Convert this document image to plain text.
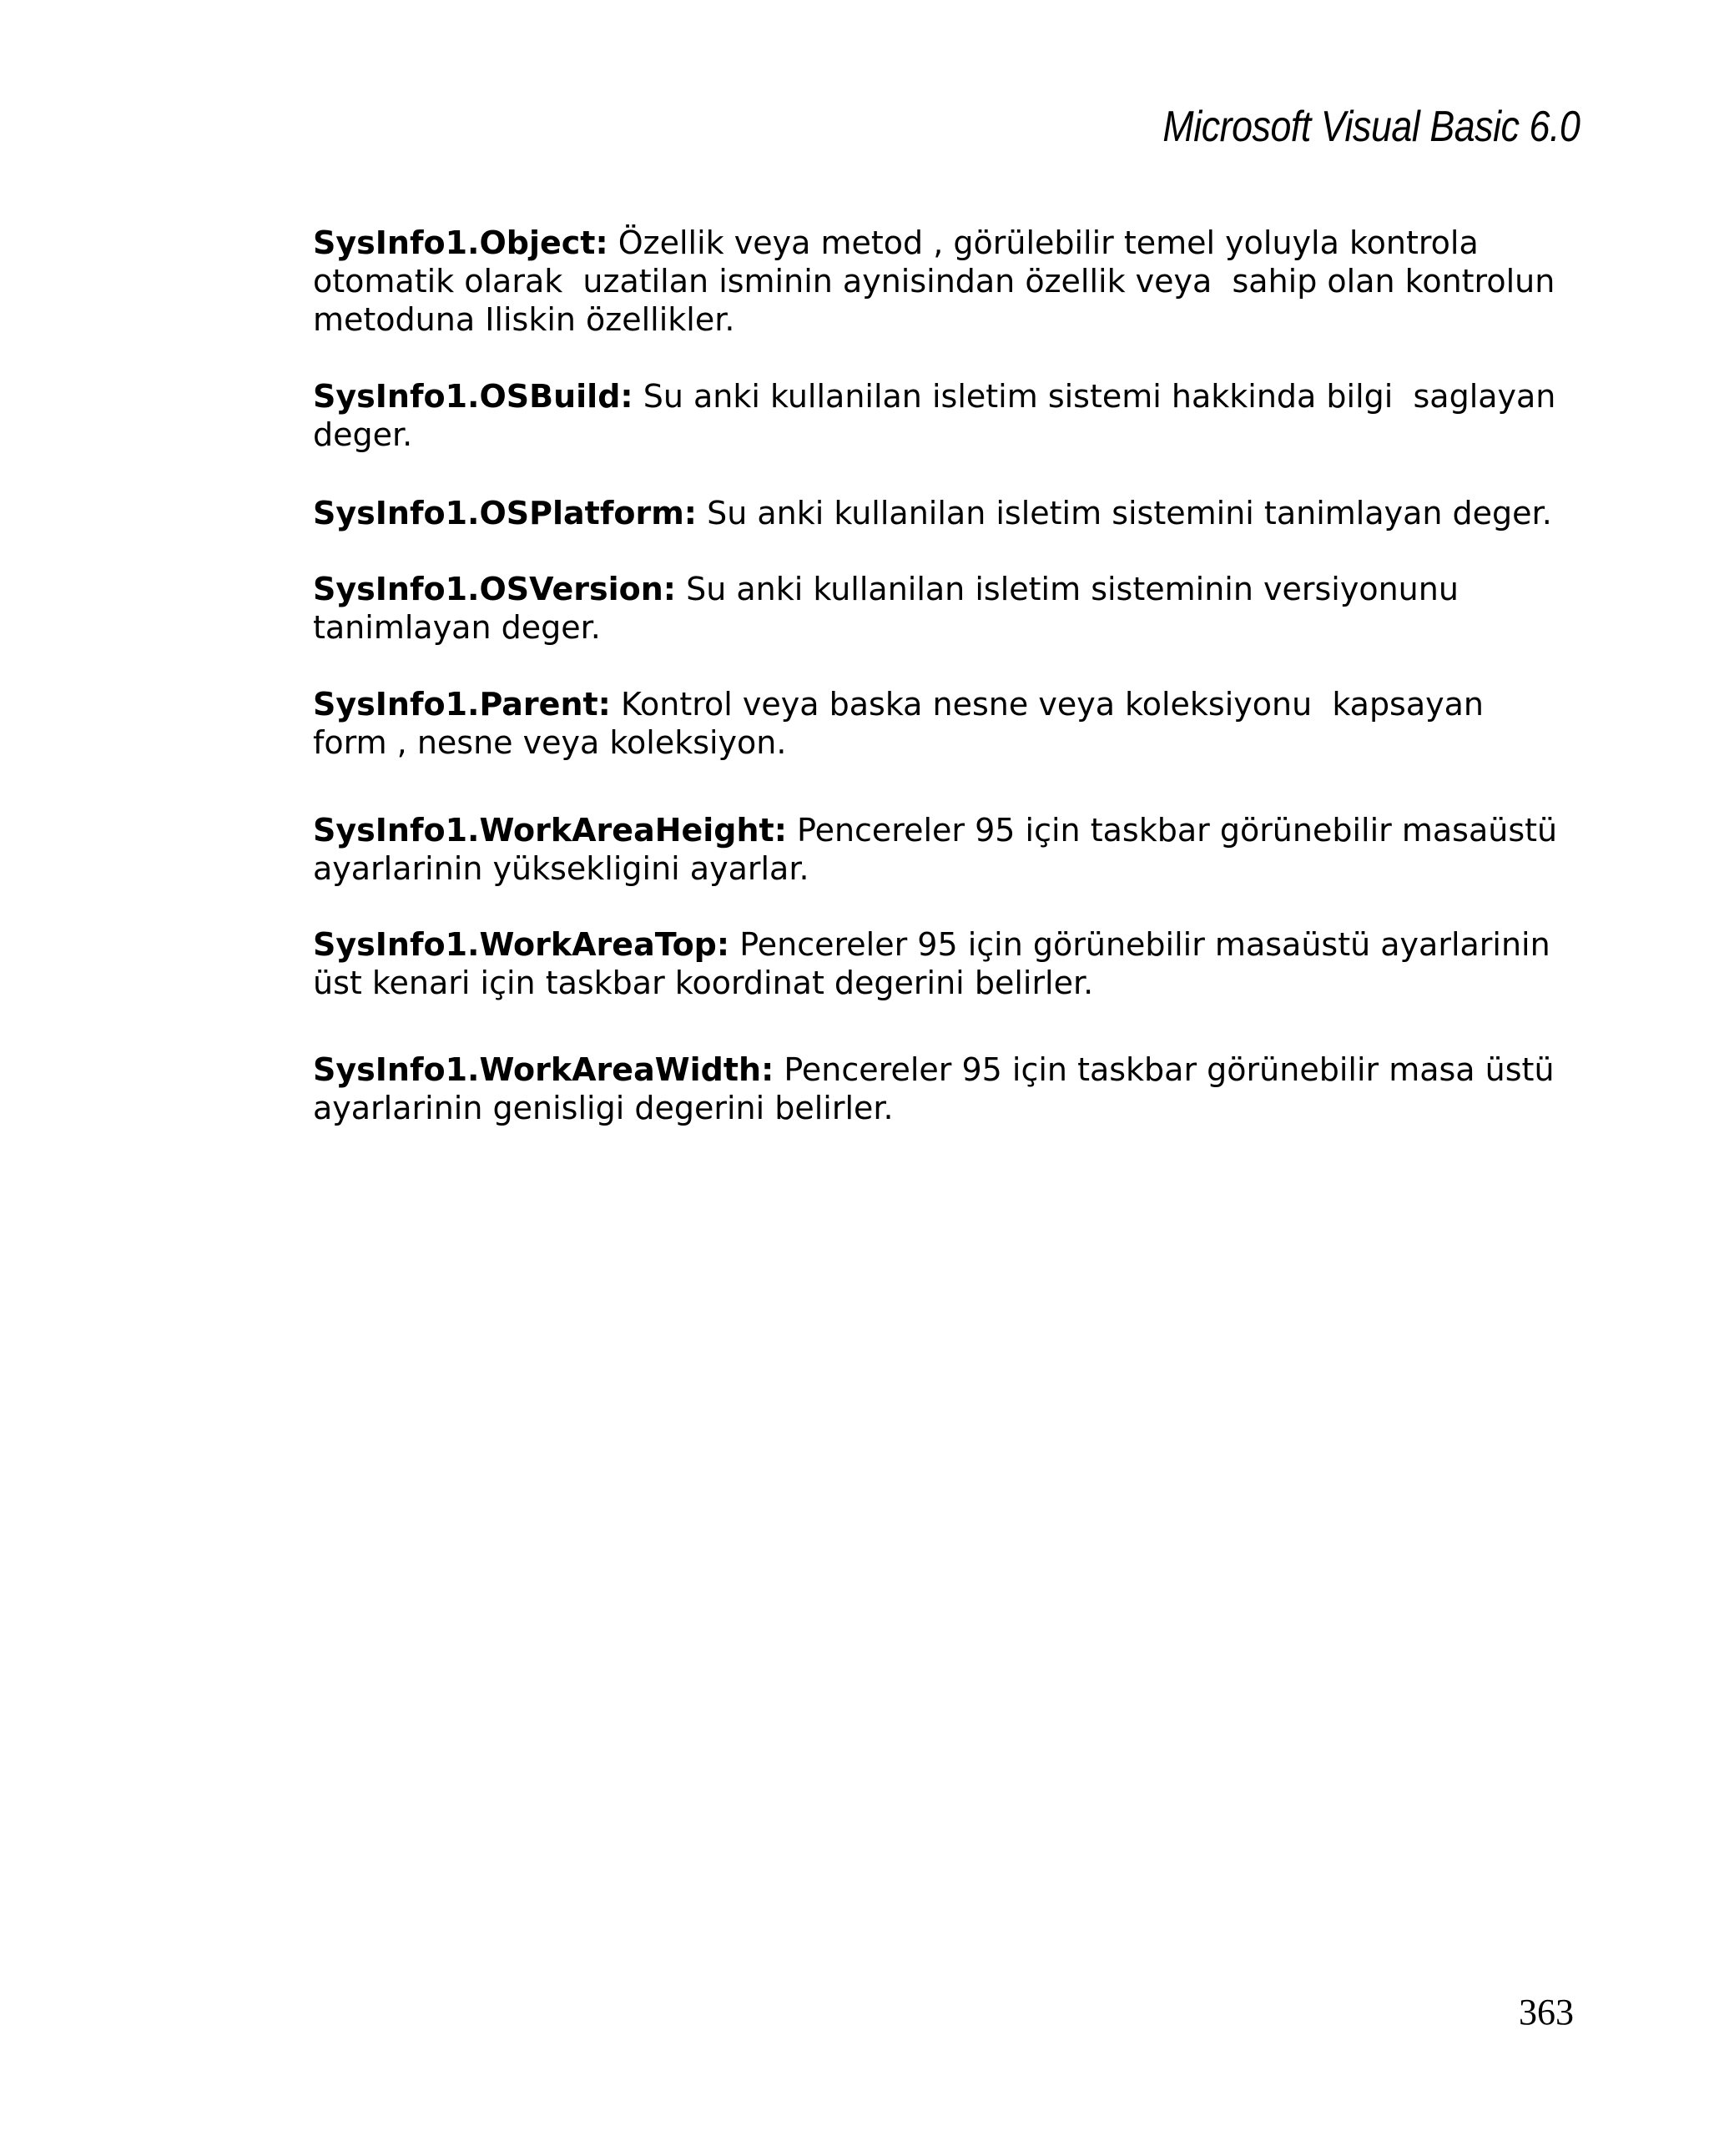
Microsoft Visual Basic 6.0

SysInfo1.Object: Özellik veya metod , görülebilir temel yoluyla kontrola
otomatik olarak  uzatilan isminin aynisindan özellik veya  sahip olan kontrolun
metoduna Iliskin özellikler.

SysInfo1.OSBuild: Su anki kullanilan isletim sistemi hakkinda bilgi  saglayan
deger.

SysInfo1.OSPlatform: Su anki kullanilan isletim sistemini tanimlayan deger.

SysInfo1.OSVersion: Su anki kullanilan isletim sisteminin versiyonunu
tanimlayan deger.

SysInfo1.Parent: Kontrol veya baska nesne veya koleksiyonu  kapsayan
form , nesne veya koleksiyon.

SysInfo1.WorkAreaHeight: Pencereler 95 için taskbar görünebilir masaüstü
ayarlarinin yüksekligini ayarlar.

SysInfo1.WorkAreaTop: Pencereler 95 için görünebilir masaüstü ayarlarinin
üst kenari için taskbar koordinat degerini belirler.

SysInfo1.WorkAreaWidth: Pencereler 95 için taskbar görünebilir masa üstü
ayarlarinin genisligi degerini belirler.

363
